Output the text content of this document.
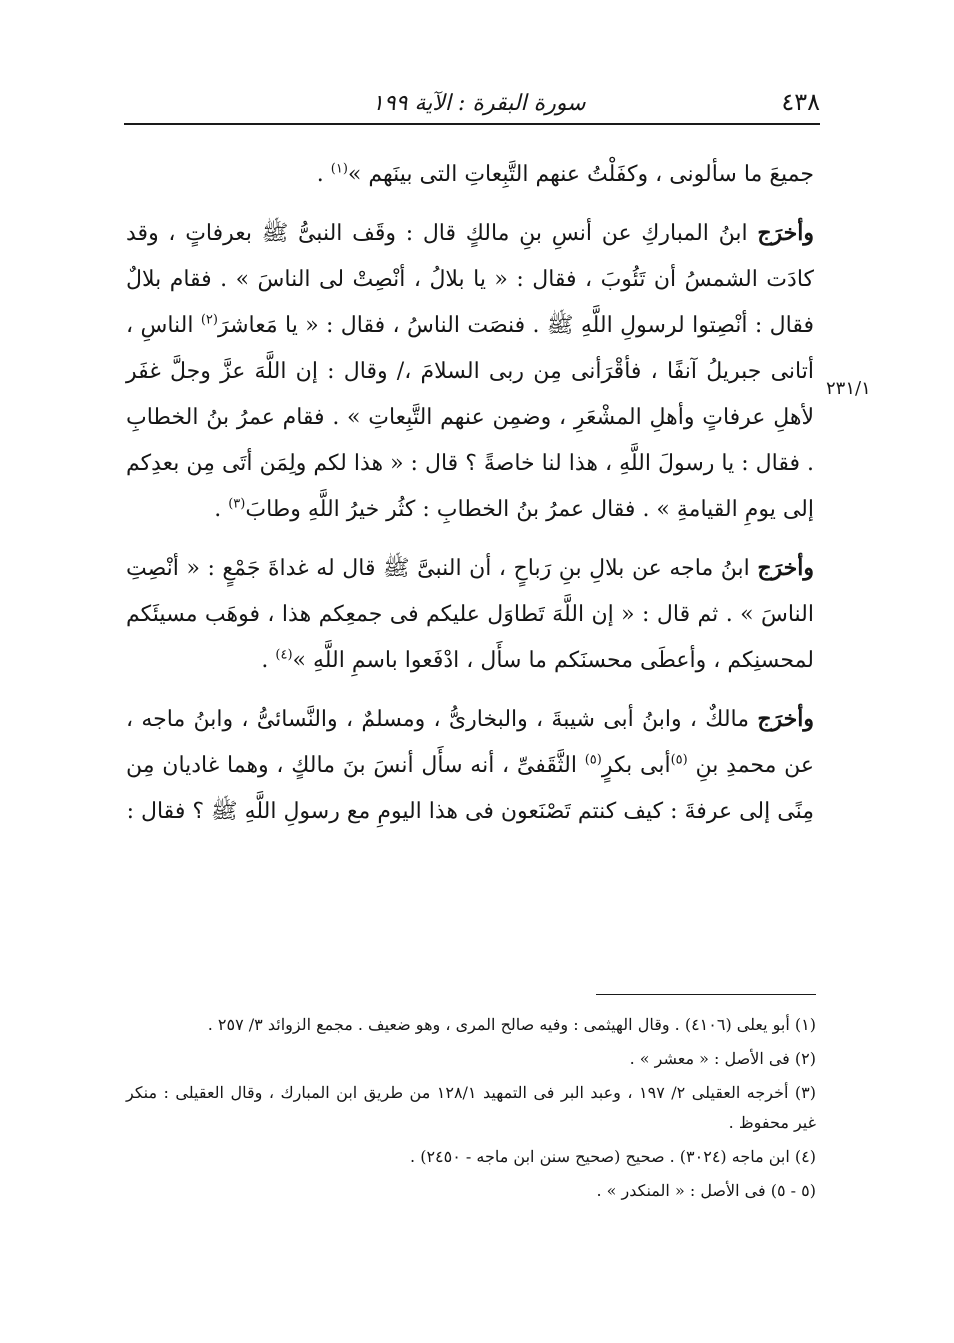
٤٣٨
سورة البقرة : الآية ١٩٩
٢٣١/١

جميعَ ما سألونى ، وكفَلْتُ عنهم التَّبِعاتِ التى بينَهم »$^{(١)}$ .

وأخرَج ابنُ المباركِ عن أنسِ بنِ مالكٍ قال : وقَف النبىُّ ﷺ بعرفاتٍ ، وقد كادَت الشمسُ أن تَئُوبَ ، فقال : « يا بلالُ ، أنْصِتْ لى الناسَ » . فقام بلالٌ فقال : أنْصِتوا لرسولِ اللَّهِ ﷺ . فنصَت الناسُ ، فقال : « يا مَعاشرَ$^{(٢)}$ الناسِ ، أتانى جبريلُ آنفًا ، فأقْرَأنى مِن ربى السلامَ ،/ وقال : إن اللَّهَ عزَّ وجلَّ غفَر لأهلِ عرفاتٍ وأهلِ المشْعَرِ ، وضمِن عنهم التَّبِعاتِ » . فقام عمرُ بنُ الخطابِ . فقال : يا رسولَ اللَّهِ ، هذا لنا خاصةً ؟ قال : « هذا لكم ولِمَن أتَى مِن بعدِكم إلى يومِ القيامةِ » . فقال عمرُ بنُ الخطابِ : كثُر خيرُ اللَّهِ وطابَ$^{(٣)}$ .

وأخرَج ابنُ ماجه عن بلالِ بنِ رَباحٍ ، أن النبىَّ ﷺ قال له غداةَ جَمْعٍ : « أنْصِتِ الناسَ » . ثم قال : « إن اللَّهَ تَطاوَل عليكم فى جمعِكم هذا ، فوهَب مسيئَكم لمحسنِكم ، وأعطَى محسنَكم ما سأَل ، ادْفَعوا باسمِ اللَّهِ »$^{(٤)}$ .

وأخرَج مالكٌ ، وابنُ أبى شيبةَ ، والبخارىُّ ، ومسلمٌ ، والنَّسائىُّ ، وابنُ ماجه ، عن محمدِ بنِ $^{(٥)}$أبى بكرٍ$^{(٥)}$ الثَّقَفىِّ ، أنه سأَل أنسَ بنَ مالكٍ ، وهما غاديان مِن مِنًى إلى عرفةَ : كيف كنتم تَصْنَعون فى هذا اليومِ مع رسولِ اللَّهِ ﷺ ؟ فقال :

(١) أبو يعلى (٤١٠٦) . وقال الهيثمى : وفيه صالح المرى ، وهو ضعيف . مجمع الزوائد ٣/ ٢٥٧ .

(٢) فى الأصل : « معشر » .

(٣) أخرجه العقيلى ٢/ ١٩٧ ، وعبد البر فى التمهيد ١٢٨/١ من طريق ابن المبارك ، وقال العقيلى : منكر غير محفوظ .

(٤) ابن ماجه (٣٠٢٤) . صحيح (صحيح سنن ابن ماجه - ٢٤٥٠) .

(٥ - ٥) فى الأصل : « المنكدر » .
